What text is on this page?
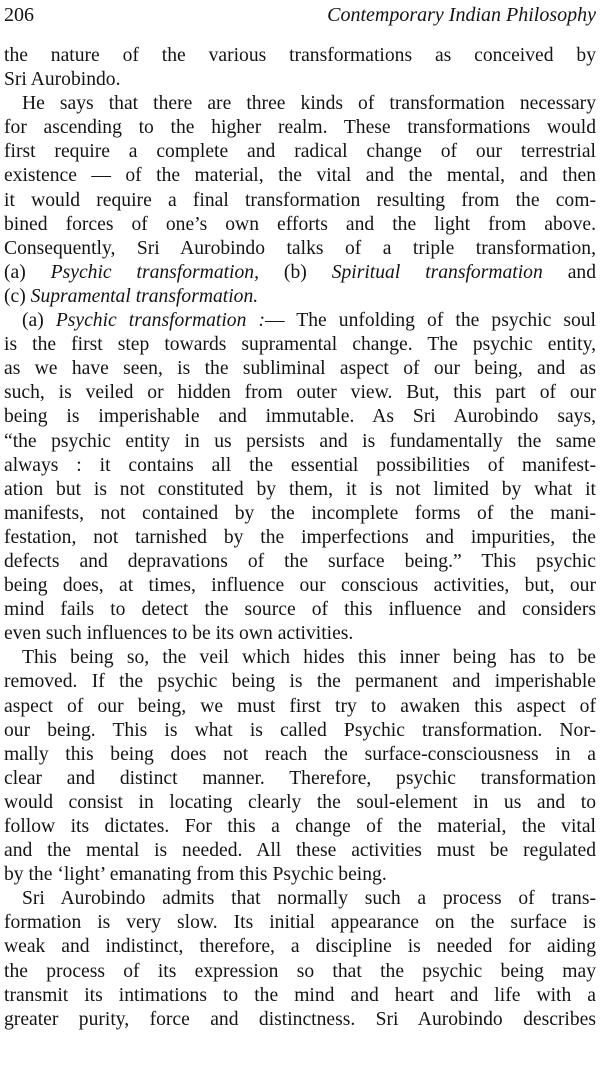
206	Contemporary Indian Philosophy
the nature of the various transformations as conceived by
Sri Aurobindo.
He says that there are three kinds of transformation necessary
for ascending to the higher realm. These transformations would
first require a complete and radical change of our terrestrial
existence — of the material, the vital and the mental, and then
it would require a final transformation resulting from the com-
bined forces of one’s own efforts and the light from above.
Consequently, Sri Aurobindo talks of a triple transformation,
(a) Psychic transformation, (b) Spiritual transformation and
(c) Supramental transformation.
(a) Psychic transformation :— The unfolding of the psychic soul
is the first step towards supramental change. The psychic entity,
as we have seen, is the subliminal aspect of our being, and as
such, is veiled or hidden from outer view. But, this part of our
being is imperishable and immutable. As Sri Aurobindo says,
“the psychic entity in us persists and is fundamentally the same
always : it contains all the essential possibilities of manifest-
ation but is not constituted by them, it is not limited by what it
manifests, not contained by the incomplete forms of the mani-
festation, not tarnished by the imperfections and impurities, the
defects and depravations of the surface being.” This psychic
being does, at times, influence our conscious activities, but, our
mind fails to detect the source of this influence and considers
even such influences to be its own activities.
This being so, the veil which hides this inner being has to be
removed. If the psychic being is the permanent and imperishable
aspect of our being, we must first try to awaken this aspect of
our being. This is what is called Psychic transformation. Nor-
mally this being does not reach the surface-consciousness in a
clear and distinct manner. Therefore, psychic transformation
would consist in locating clearly the soul-element in us and to
follow its dictates. For this a change of the material, the vital
and the mental is needed. All these activities must be regulated
by the ‘light’ emanating from this Psychic being.
Sri Aurobindo admits that normally such a process of trans-
formation is very slow. Its initial appearance on the surface is
weak and indistinct, therefore, a discipline is needed for aiding
the process of its expression so that the psychic being may
transmit its intimations to the mind and heart and life with a
greater purity, force and distinctness. Sri Aurobindo describes
